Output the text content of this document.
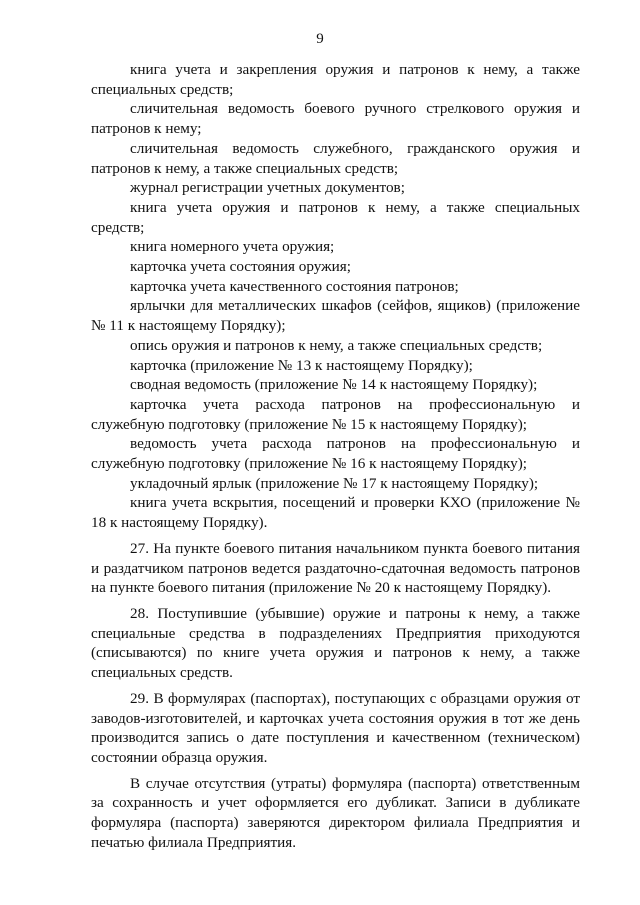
9

книга учета и закрепления оружия и патронов к нему, а также специальных средств;

сличительная ведомость боевого ручного стрелкового оружия и патронов к нему;

сличительная ведомость служебного, гражданского оружия и патронов к нему, а также специальных средств;

журнал регистрации учетных документов;

книга учета оружия и патронов к нему, а также специальных средств;

книга номерного учета оружия;

карточка учета состояния оружия;

карточка учета качественного состояния патронов;

ярлычки для металлических шкафов (сейфов, ящиков) (приложение № 11 к настоящему Порядку);

опись оружия и патронов к нему, а также специальных средств;

карточка (приложение № 13 к настоящему Порядку);

сводная ведомость (приложение № 14 к настоящему Порядку);

карточка учета расхода патронов на профессиональную и служебную подготовку (приложение № 15 к настоящему Порядку);

ведомость учета расхода патронов на профессиональную и служебную подготовку (приложение № 16 к настоящему Порядку);

укладочный ярлык (приложение № 17 к настоящему Порядку);

книга учета вскрытия, посещений и проверки КХО (приложение № 18 к настоящему Порядку).

27. На пункте боевого питания начальником пункта боевого питания и раздатчиком патронов ведется раздаточно-сдаточная ведомость патронов на пункте боевого питания (приложение № 20 к настоящему Порядку).

28. Поступившие (убывшие) оружие и патроны к нему, а также специальные средства в подразделениях Предприятия приходуются (списываются) по книге учета оружия и патронов к нему, а также специальных средств.

29. В формулярах (паспортах), поступающих с образцами оружия от заводов-изготовителей, и карточках учета состояния оружия в тот же день производится запись о дате поступления и качественном (техническом) состоянии образца оружия.

В случае отсутствия (утраты) формуляра (паспорта) ответственным за сохранность и учет оформляется его дубликат. Записи в дубликате формуляра (паспорта) заверяются директором филиала Предприятия и печатью филиала Предприятия.
